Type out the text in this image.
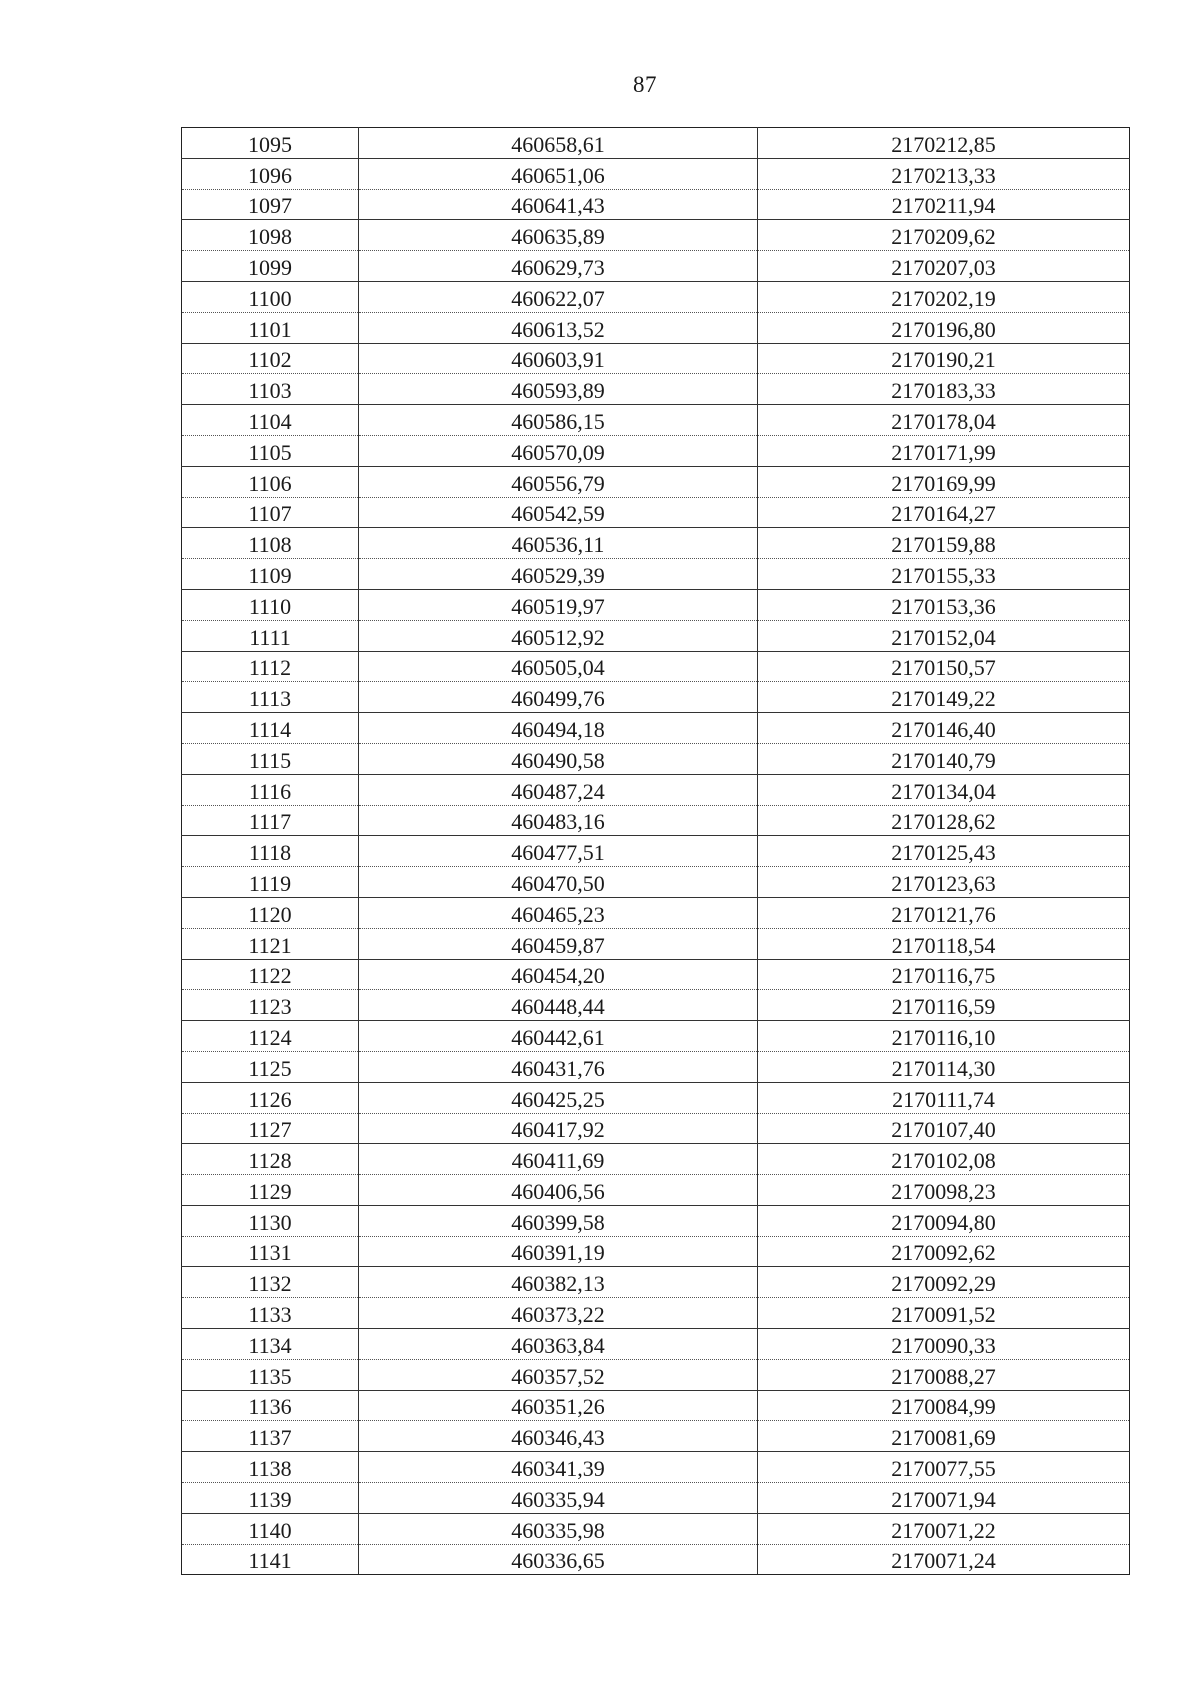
87
1095	460658,61	2170212,85
1096	460651,06	2170213,33
1097	460641,43	2170211,94
1098	460635,89	2170209,62
1099	460629,73	2170207,03
1100	460622,07	2170202,19
1101	460613,52	2170196,80
1102	460603,91	2170190,21
1103	460593,89	2170183,33
1104	460586,15	2170178,04
1105	460570,09	2170171,99
1106	460556,79	2170169,99
1107	460542,59	2170164,27
1108	460536,11	2170159,88
1109	460529,39	2170155,33
1110	460519,97	2170153,36
1111	460512,92	2170152,04
1112	460505,04	2170150,57
1113	460499,76	2170149,22
1114	460494,18	2170146,40
1115	460490,58	2170140,79
1116	460487,24	2170134,04
1117	460483,16	2170128,62
1118	460477,51	2170125,43
1119	460470,50	2170123,63
1120	460465,23	2170121,76
1121	460459,87	2170118,54
1122	460454,20	2170116,75
1123	460448,44	2170116,59
1124	460442,61	2170116,10
1125	460431,76	2170114,30
1126	460425,25	2170111,74
1127	460417,92	2170107,40
1128	460411,69	2170102,08
1129	460406,56	2170098,23
1130	460399,58	2170094,80
1131	460391,19	2170092,62
1132	460382,13	2170092,29
1133	460373,22	2170091,52
1134	460363,84	2170090,33
1135	460357,52	2170088,27
1136	460351,26	2170084,99
1137	460346,43	2170081,69
1138	460341,39	2170077,55
1139	460335,94	2170071,94
1140	460335,98	2170071,22
1141	460336,65	2170071,24
